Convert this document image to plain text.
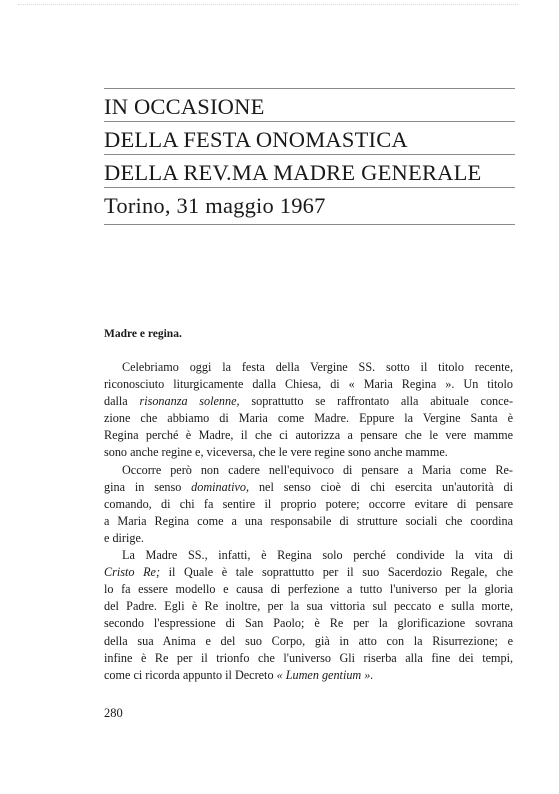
IN OCCASIONE
DELLA FESTA ONOMASTICA
DELLA REV.MA MADRE GENERALE
Torino, 31 maggio 1967
Madre e regina.
Celebriamo oggi la festa della Vergine SS. sotto il titolo recente,
riconosciuto liturgicamente dalla Chiesa, di « Maria Regina ». Un titolo
dalla risonanza solenne, soprattutto se raffrontato alla abituale conce-
zione che abbiamo di Maria come Madre. Eppure la Vergine Santa è
Regina perché è Madre, il che ci autorizza a pensare che le vere mamme
sono anche regine e, viceversa, che le vere regine sono anche mamme.
Occorre però non cadere nell'equivoco di pensare a Maria come Re-
gina in senso dominativo, nel senso cioè di chi esercita un'autorità di
comando, di chi fa sentire il proprio potere; occorre evitare di pensare
a Maria Regina come a una responsabile di strutture sociali che coordina
e dirige.
La Madre SS., infatti, è Regina solo perché condivide la vita di
Cristo Re; il Quale è tale soprattutto per il suo Sacerdozio Regale, che
lo fa essere modello e causa di perfezione a tutto l'universo per la gloria
del Padre. Egli è Re inoltre, per la sua vittoria sul peccato e sulla morte,
secondo l'espressione di San Paolo; è Re per la glorificazione sovrana
della sua Anima e del suo Corpo, già in atto con la Risurrezione; e
infine è Re per il trionfo che l'universo Gli riserba alla fine dei tempi,
come ci ricorda appunto il Decreto « Lumen gentium ».
280
